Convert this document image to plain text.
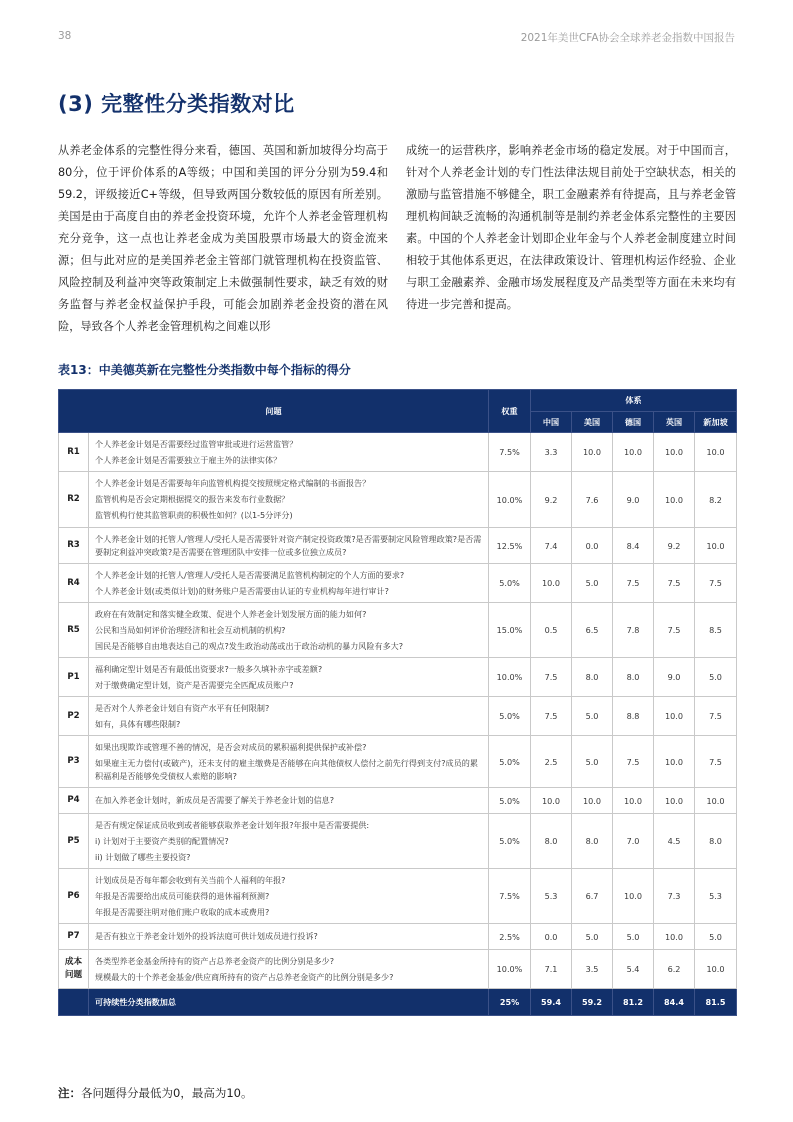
38	2021年美世CFA协会全球养老金指数中国报告
(3) 完整性分类指数对比

从养老金体系的完整性得分来看，德国、英国和新加坡得分均高于80分，位于评价体系的A等级；中国和美国的评分分别为59.4和59.2，评级接近C+等级，但导致两国分数较低的原因有所差别。美国是由于高度自由的养老金投资环境，允许个人养老金管理机构充分竞争，这一点也让养老金成为美国股票市场最大的资金流来源；但与此对应的是美国养老金主管部门就管理机构在投资监管、风险控制及利益冲突等政策制定上未做强制性要求，缺乏有效的财务监督与养老金权益保护手段，可能会加剧养老金投资的潜在风险，导致各个人养老金管理机构之间难以形

成统一的运营秩序，影响养老金市场的稳定发展。对于中国而言，针对个人养老金计划的专门性法律法规目前处于空缺状态，相关的激励与监管措施不够健全，职工金融素养有待提高，且与养老金管理机构间缺乏流畅的沟通机制等是制约养老金体系完整性的主要因素。中国的个人养老金计划即企业年金与个人养老金制度建立时间相较于其他体系更迟，在法律政策设计、管理机构运作经验、企业与职工金融素养、金融市场发展程度及产品类型等方面在未来均有待进一步完善和提高。

表13：中美德英新在完整性分类指数中每个指标的得分
问题		权重	体系				
			中国	美国	德国	英国	新加坡
R1	个人养老金计划是否需要经过监管审批或进行运营监管？
个人养老金计划是否需要独立于雇主外的法律实体？	7.5%	3.3	10.0	10.0	10.0	10.0
R2	个人养老金计划是否需要每年向监管机构提交按照规定格式编制的书面报告？
监管机构是否会定期根据提交的报告来发布行业数据？
监管机构行使其监管职责的积极性如何？(以1-5分评分)	10.0%	9.2	7.6	9.0	10.0	8.2
R3	个人养老金计划的托管人/管理人/受托人是否需要针对资产制定投资政策?是否需要制定风险管理政策?是否需要制定利益冲突政策?是否需要在管理团队中安排一位或多位独立成员?	12.5%	7.4	0.0	8.4	9.2	10.0
R4	个人养老金计划的托管人/管理人/受托人是否需要满足监管机构制定的个人方面的要求?
个人养老金计划(或类似计划)的财务账户是否需要由认证的专业机构每年进行审计?	5.0%	10.0	5.0	7.5	7.5	7.5
R5	政府在有效制定和落实健全政策、促进个人养老金计划发展方面的能力如何?
公民和当局如何评价治理经济和社会互动机制的机构?
国民是否能够自由地表达自己的观点?发生政治动荡或出于政治动机的暴力风险有多大?	15.0%	0.5	6.5	7.8	7.5	8.5
P1	福利确定型计划是否有最低出资要求?一般多久填补赤字或差额?
对于缴费确定型计划，资产是否需要完全匹配成员账户?	10.0%	7.5	8.0	8.0	9.0	5.0
P2	是否对个人养老金计划自有资产水平有任何限制?
如有，具体有哪些限制?	5.0%	7.5	5.0	8.8	10.0	7.5
P3	如果出现欺诈或管理不善的情况，是否会对成员的累积福利提供保护或补偿?
如果雇主无力偿付(或破产)，还未支付的雇主缴费是否能够在向其他债权人偿付之前先行得到支付?成员的累积福利是否能够免受债权人索赔的影响?	5.0%	2.5	5.0	7.5	10.0	7.5
P4	在加入养老金计划时，新成员是否需要了解关于养老金计划的信息?	5.0%	10.0	10.0	10.0	10.0	10.0
P5	是否有规定保证成员收到或者能够获取养老金计划年报?年报中是否需要提供:
i) 计划对于主要资产类别的配置情况?
ii) 计划做了哪些主要投资?	5.0%	8.0	8.0	7.0	4.5	8.0
P6	计划成员是否每年都会收到有关当前个人福利的年报?
年报是否需要给出成员可能获得的退休福利预测?
年报是否需要注明对他们账户收取的成本或费用?	7.5%	5.3	6.7	10.0	7.3	5.3
P7	是否有独立于养老金计划外的投诉法庭可供计划成员进行投诉?	2.5%	0.0	5.0	5.0	10.0	5.0
成本
问题	各类型养老金基金所持有的资产占总养老金资产的比例分别是多少?
规模最大的十个养老金基金/供应商所持有的资产占总养老金资产的比例分别是多少?	10.0%	7.1	3.5	5.4	6.2	10.0
	可持续性分类指数加总	25%	59.4	59.2	81.2	84.4	81.5
注：各问题得分最低为0，最高为10。
